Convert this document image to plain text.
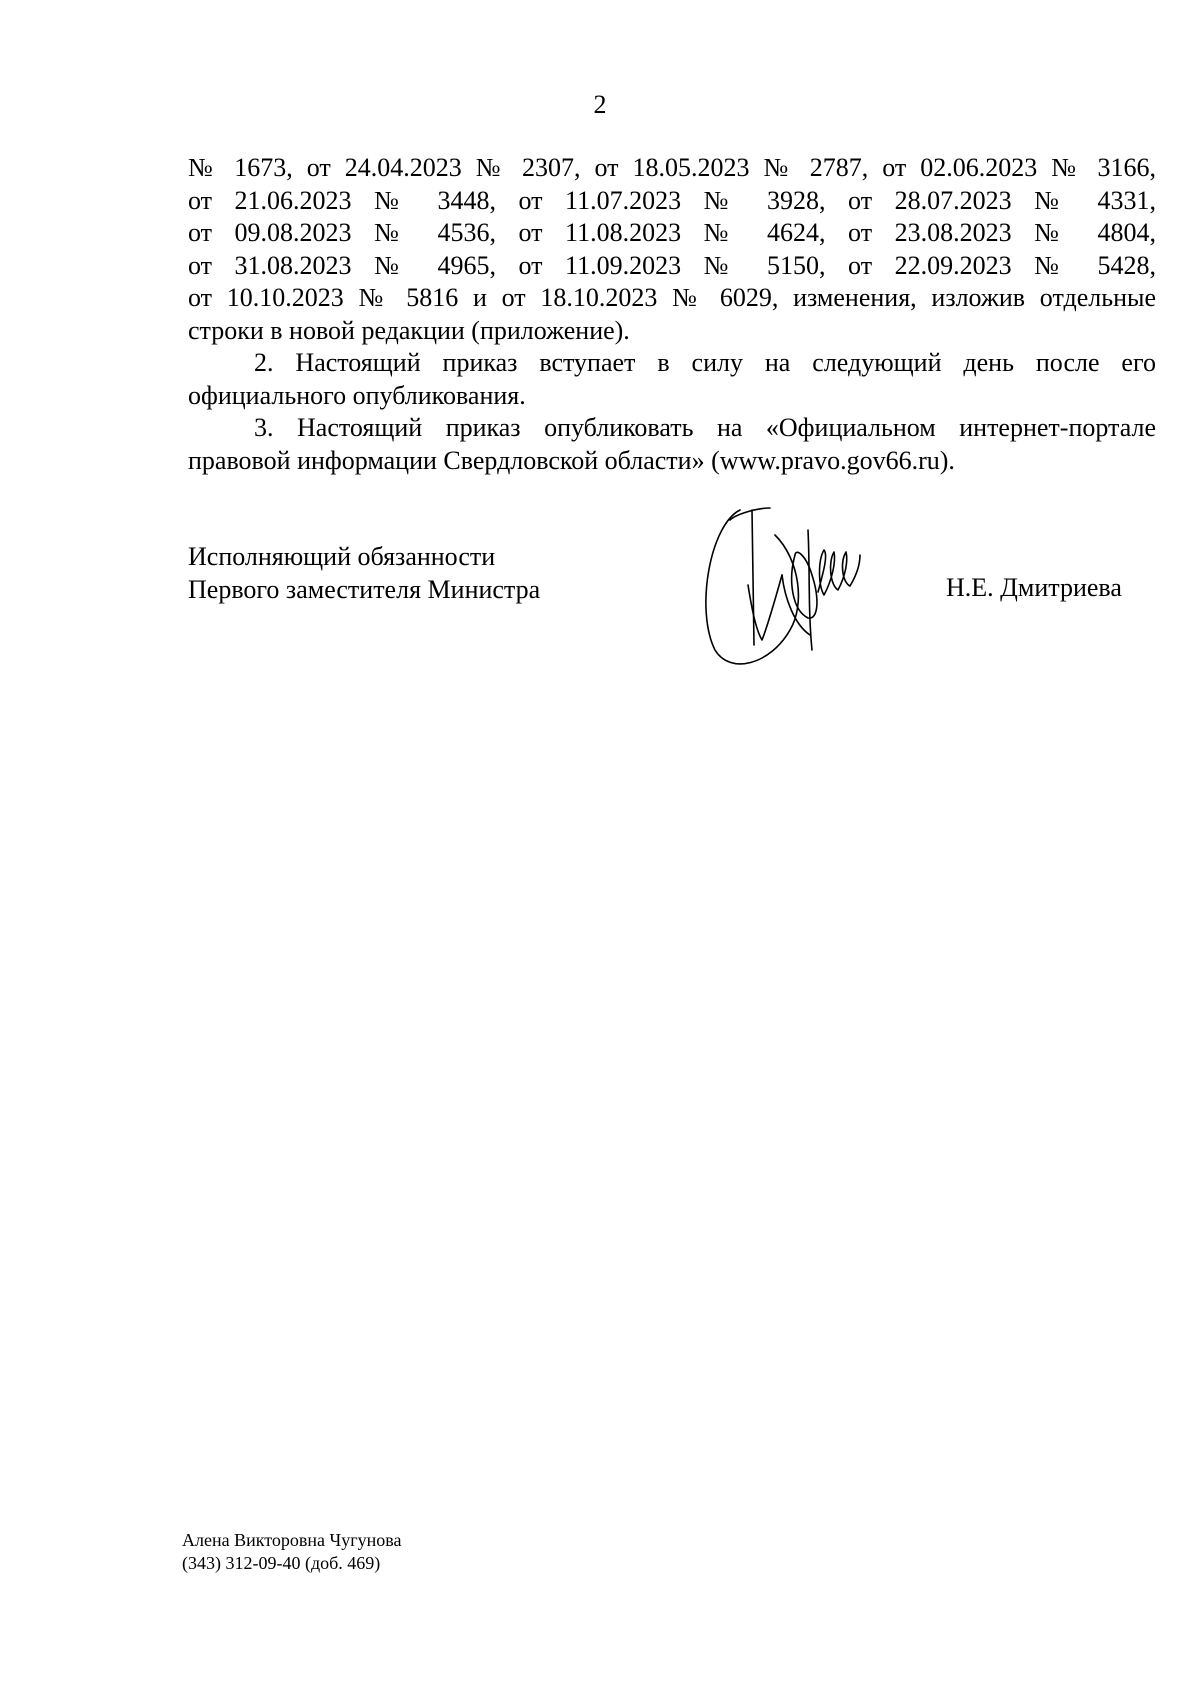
2
№ 1673, от 24.04.2023 № 2307, от 18.05.2023 № 2787, от 02.06.2023 № 3166,
от 21.06.2023 № 3448, от 11.07.2023 № 3928, от 28.07.2023 № 4331,
от 09.08.2023 № 4536, от 11.08.2023 № 4624, от 23.08.2023 № 4804,
от 31.08.2023 № 4965, от 11.09.2023 № 5150, от 22.09.2023 № 5428,
от 10.10.2023 № 5816 и от 18.10.2023 № 6029, изменения, изложив отдельные
строки в новой редакции (приложение).

2. Настоящий приказ вступает в силу на следующий день после его официального опубликования.

3. Настоящий приказ опубликовать на «Официальном интернет-портале правовой информации Свердловской области» (www.pravo.gov66.ru).

Исполняющий обязанности
Первого заместителя Министра	Н.Е. Дмитриева
Алена Викторовна Чугунова
(343) 312-09-40 (доб. 469)
